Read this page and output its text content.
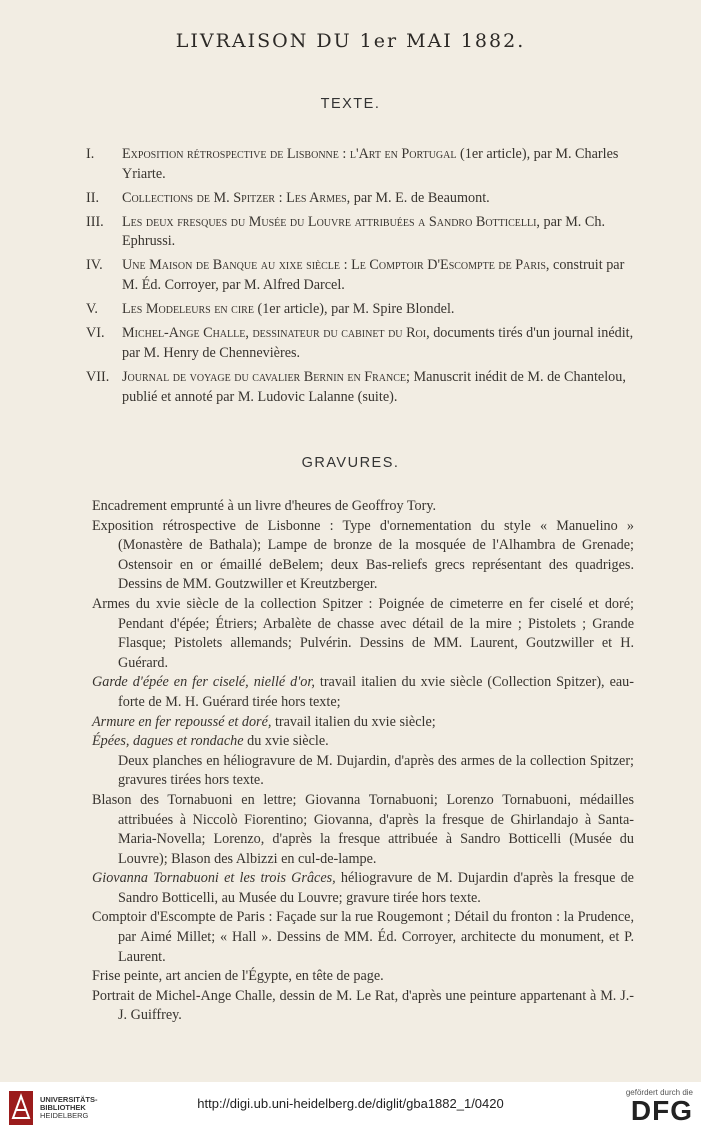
LIVRAISON DU 1er MAI 1882.
TEXTE.
I.	Exposition rétrospective de Lisbonne : l'Art en Portugal (1er article), par M. Charles Yriarte.
II.	Collections de M. Spitzer : Les Armes, par M. E. de Beaumont.
III.	Les deux fresques du Musée du Louvre attribuées a Sandro Botticelli, par M. Ch. Ephrussi.
IV.	Une Maison de Banque au xixe siècle : Le Comptoir D'Escompte de Paris, construit par M. Éd. Corroyer, par M. Alfred Darcel.
V.	Les Modeleurs en cire (1er article), par M. Spire Blondel.
VI.	Michel-Ange Challe, dessinateur du cabinet du Roi, documents tirés d'un journal inédit, par M. Henry de Chennevières.
VII. Journal de voyage du cavalier Bernin en France; Manuscrit inédit de M. de Chantelou, publié et annoté par M. Ludovic Lalanne (suite).
GRAVURES.
Encadrement emprunté à un livre d'heures de Geoffroy Tory.
Exposition rétrospective de Lisbonne : Type d'ornementation du style « Manuelino » (Monastère de Bathala); Lampe de bronze de la mosquée de l'Alhambra de Grenade; Ostensoir en or émaillé deBelem; deux Bas-reliefs grecs représentant des quadriges. Dessins de MM. Goutzwiller et Kreutzberger.
Armes du xvie siècle de la collection Spitzer : Poignée de cimeterre en fer ciselé et doré; Pendant d'épée; Étriers; Arbalète de chasse avec détail de la mire ; Pistolets ; Grande Flasque; Pistolets allemands; Pulvérin. Dessins de MM. Laurent, Goutzwiller et H. Guérard.
Garde d'épée en fer ciselé, niellé d'or, travail italien du xvie siècle (Collection Spitzer), eau-forte de M. H. Guérard tirée hors texte;
Armure en fer repoussé et doré, travail italien du xvie siècle;
Épées, dagues et rondache du xvie siècle.
Deux planches en héliogravure de M. Dujardin, d'après des armes de la collection Spitzer; gravures tirées hors texte.
Blason des Tornabuoni en lettre; Giovanna Tornabuoni; Lorenzo Tornabuoni, médailles attribuées à Niccolò Fiorentino; Giovanna, d'après la fresque de Ghirlandajo à Santa-Maria-Novella; Lorenzo, d'après la fresque attribuée à Sandro Botticelli (Musée du Louvre); Blason des Albizzi en cul-de-lampe.
Giovanna Tornabuoni et les trois Grâces, héliogravure de M. Dujardin d'après la fresque de Sandro Botticelli, au Musée du Louvre; gravure tirée hors texte.
Comptoir d'Escompte de Paris : Façade sur la rue Rougemont ; Détail du fronton : la Prudence, par Aimé Millet; « Hall ». Dessins de MM. Éd. Corroyer, architecte du monument, et P. Laurent.
Frise peinte, art ancien de l'Égypte, en tête de page.
Portrait de Michel-Ange Challe, dessin de M. Le Rat, d'après une peinture appartenant à M. J.-J. Guiffrey.
UNIVERSITÄTS-
BIBLIOTHEK
HEIDELBERG
http://digi.ub.uni-heidelberg.de/diglit/gba1882_1/0420
gefördert durch die
DFG
